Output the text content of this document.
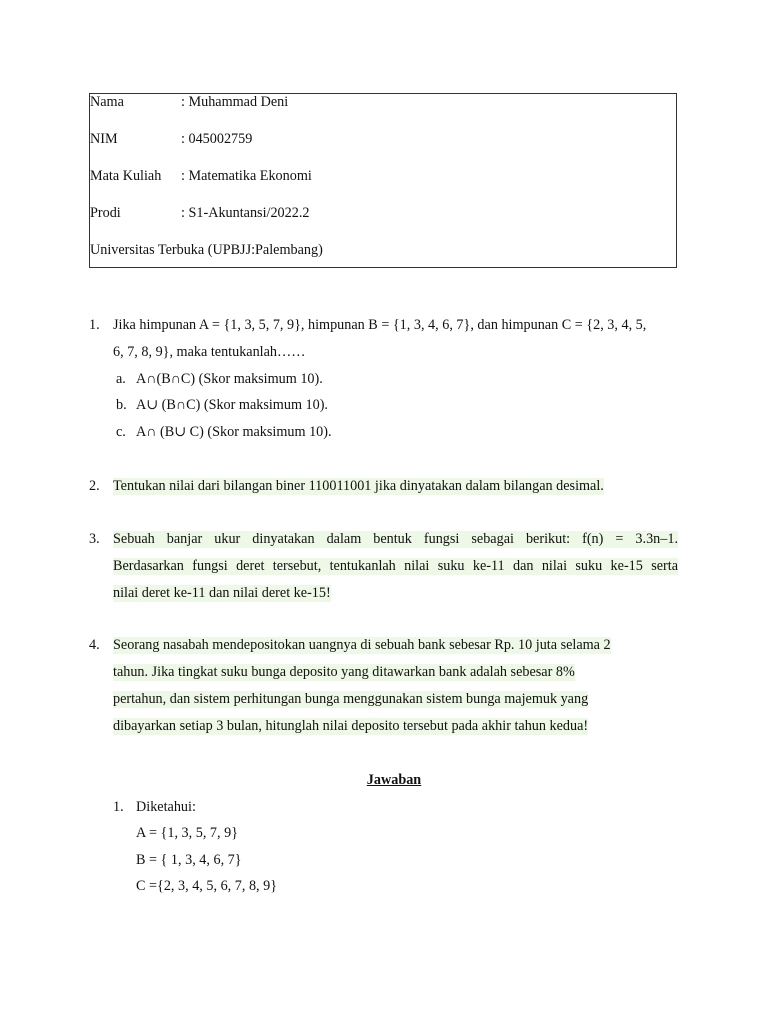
Nama	: Muhammad Deni
NIM	: 045002759
Mata Kuliah : Matematika Ekonomi
Prodi	: S1-Akuntansi/2022.2
Universitas Terbuka (UPBJJ:Palembang)
1. Jika himpunan A = {1, 3, 5, 7, 9}, himpunan B = {1, 3, 4, 6, 7}, dan himpunan C = {2, 3, 4, 5,
6, 7, 8, 9}, maka tentukanlah……
a. A∩(B∩C) (Skor maksimum 10).
b. A∪ (B∩C) (Skor maksimum 10).
c. A∩ (B∪ C) (Skor maksimum 10).
2. Tentukan nilai dari bilangan biner 110011001 jika dinyatakan dalam bilangan desimal.
3. Sebuah banjar ukur dinyatakan dalam bentuk fungsi sebagai berikut: f(n) = 3.3n–1.
Berdasarkan fungsi deret tersebut, tentukanlah nilai suku ke-11 dan nilai suku ke-15 serta
nilai deret ke-11 dan nilai deret ke-15!
4. Seorang nasabah mendepositokan uangnya di sebuah bank sebesar Rp. 10 juta selama 2
tahun. Jika tingkat suku bunga deposito yang ditawarkan bank adalah sebesar 8%
pertahun, dan sistem perhitungan bunga menggunakan sistem bunga majemuk yang
dibayarkan setiap 3 bulan, hitunglah nilai deposito tersebut pada akhir tahun kedua!
Jawaban
1. Diketahui:
A = {1, 3, 5, 7, 9}
B = { 1, 3, 4, 6, 7}
C ={2, 3, 4, 5, 6, 7, 8, 9}
